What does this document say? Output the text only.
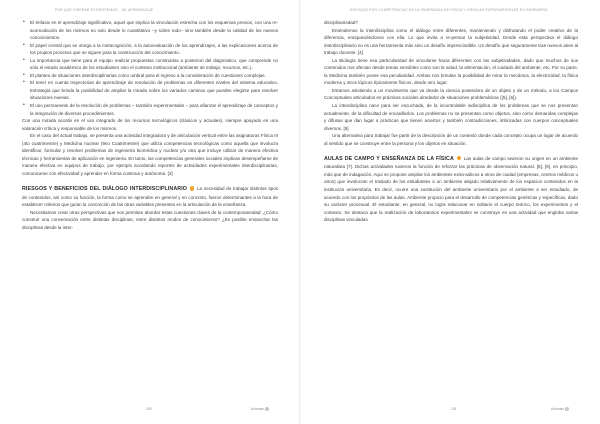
POR QUE DISEÑAR ECOSISTEMAS... DE APRENDIZAJE
• El énfasis en el aprendizaje significativo, aquel que implica la vinculación estrecha con los esquemas previos, con una re-acomodación de los mismos no solo desde lo cuantitativo –y sobre todo– sino también desde la calidad de los nuevos conocimientos.
• El papel central que se otorga a la metacognición, a la autoevaluación de los aprendizajes, a las explicaciones acerca de los propios procesos que se siguen para la construcción del conocimiento.
• La importancia que tiene para el equipo realizar propuestas construidas a posteriori del diagnóstico, que comprende no sólo el estado académico de los estudiantes sino el contexto institucional (ambiente de trabajo, recursos, etc.).
• El planteo de situaciones interdisciplinarias como umbral para el ingreso a la consideración de cuestiones complejas.
• El tener en cuenta trayectorias de aprendizaje de resolución de problemas en diferentes niveles del sistema educativo. Estrategia que brinda la posibilidad de ampliar la mirada sobre los variados caminos que pueden elegirse para resolver situaciones nuevas.
• El uso permanente de la resolución de problemas – también experimentales – para afianzar el aprendizaje de conceptos y la integración de diversos procedimientos.

Con una mirada acorde en el uso integrado de los recursos tecnológicos (clásicos y actuales), siempre apoyado en una valoración crítica y responsable de los mismos.

En el caso del actual trabajo, se presenta una actividad integradora y de articulación vertical entre las asignaturas Física III (4to cuatrimestre) y Medicina nuclear (9no Cuatrimestre) que utiliza competencias tecnológicas como aquella que involucra identificar, formular y resolver problemas de ingeniería biomédica y nuclear y/u otra que incluye utilizar de manera efectiva técnicas y herramientas de aplicación en ingeniería. En tanto, las competencias generales sociales implican desempeñarse de manera efectiva en equipos de trabajo, por ejemplo acordando reportes de actividades experimentales interdisciplinarias, comunicarse con efectividad y aprender en forma continua y autónoma. [3]

RIESGOS Y BENEFICIOS DEL DIÁLOGO INTERDISCIPLINARIO La necesidad de trabajar distintos tipos de contenidos, así como su función, la forma como se aprenden en general y en concreto, fueron determinantes a la hora de establecer criterios que guían la concreción de las otras variables presentes en la articulación de la enseñanza.

Necesitamos crear otras perspectivas que nos permitan abordar estas cuestiones claves de la contemporaneidad: ¿Cómo construir una conversación entre distintas disciplinas, entre distintos modos de conocimiento? ¿Es posible ensanchar las disciplinas desde la inter-

100	Axiomas
ENFOQUE POR COMPETENCIAS EN LA ENSEÑANZA DE FÍSICA Y CIENCIAS EXPERIMENTALES EN INGENIERÍA

disciplinariedad?

Entendemos la interdisciplina como el diálogo entre diferentes, manteniendo y disfrutando el poder creativo de la diferencia, enriqueciéndonos con ella. Lo que invita a re-pensar la subjetividad. Desde esta perspectiva el diálogo interdisciplinario no es una herramienta más sino un desafío imprescindible. Un desafío que seguramente trae nuevos aires al trabajo docente. [4]

La Biología tiene esa particularidad de vincularse hacia diferentes con las subjetividades, dado que muchos de sus contenidos nos afectan desde temas sensibles como son la salud, la alimentación, el cuidado del ambiente, etc. Por su parte, la Medicina también posee esa peculiaridad. Ambas nos brindan la posibilidad de mirar la mecánica, la electricidad, la física moderna y otros tópicos típicamente físicos, desde otro lugar.

Estamos asistiendo a un movimiento que va desde la ciencia poseedora de un objeto y de un método, a los Campos Conceptuales articulados en prácticas sociales alrededor de situaciones problemáticas ([5], [6]).

La interdisciplina nace para ser escuchada, de la incontrolable indisciplina de los problemas que se nos presentan actualmente, de la dificultad de encasillarlos. Los problemas no se presentan como objetos, sino como demandas complejas y difusas que dan lugar a prácticas que tienen aciertos y también contradicciones, imbricadas con cuerpos conceptuales diversos. [5]

Una alternativa para trabajar fue partir de la descripción de un contexto donde cada concepto ocupa un lugar de acuerdo al sentido que se construye entre la persona y los objetos en situación.

AULAS DE CAMPO Y ENSEÑANZA DE LA FÍSICA Las aulas de campo tuvieron su origen en un ambiente naturalista [7]. Dichas actividades tuvieron la función de reforzar las prácticas de observación natural. [8], [9], en principio, más que de indagación. Aquí se propone ampliar los ambientes extra-aúlicos a otros de ciudad (empresas, centros médicos u otros) que involucran el traslado de los estudiantes a un ambiente alejado relativamente de los espacios contenidos en la institución universitaria. Es decir, ocurre una sustitución del ambiente universitario por el ambiente a ser estudiado, de acuerdo con los propósitos de las aulas. Ambiente propicio para el desarrollo de competencias genéricas y específicas, dado su carácter procesual. El estudiante, en general, no logra relacionar en solitario el cuerpo teórico, los experimentos y el contexto. Se destaca que la realización de laboratorios experimentales se construye en una actividad que engloba varias disciplinas vinculadas

101	Axiomas
